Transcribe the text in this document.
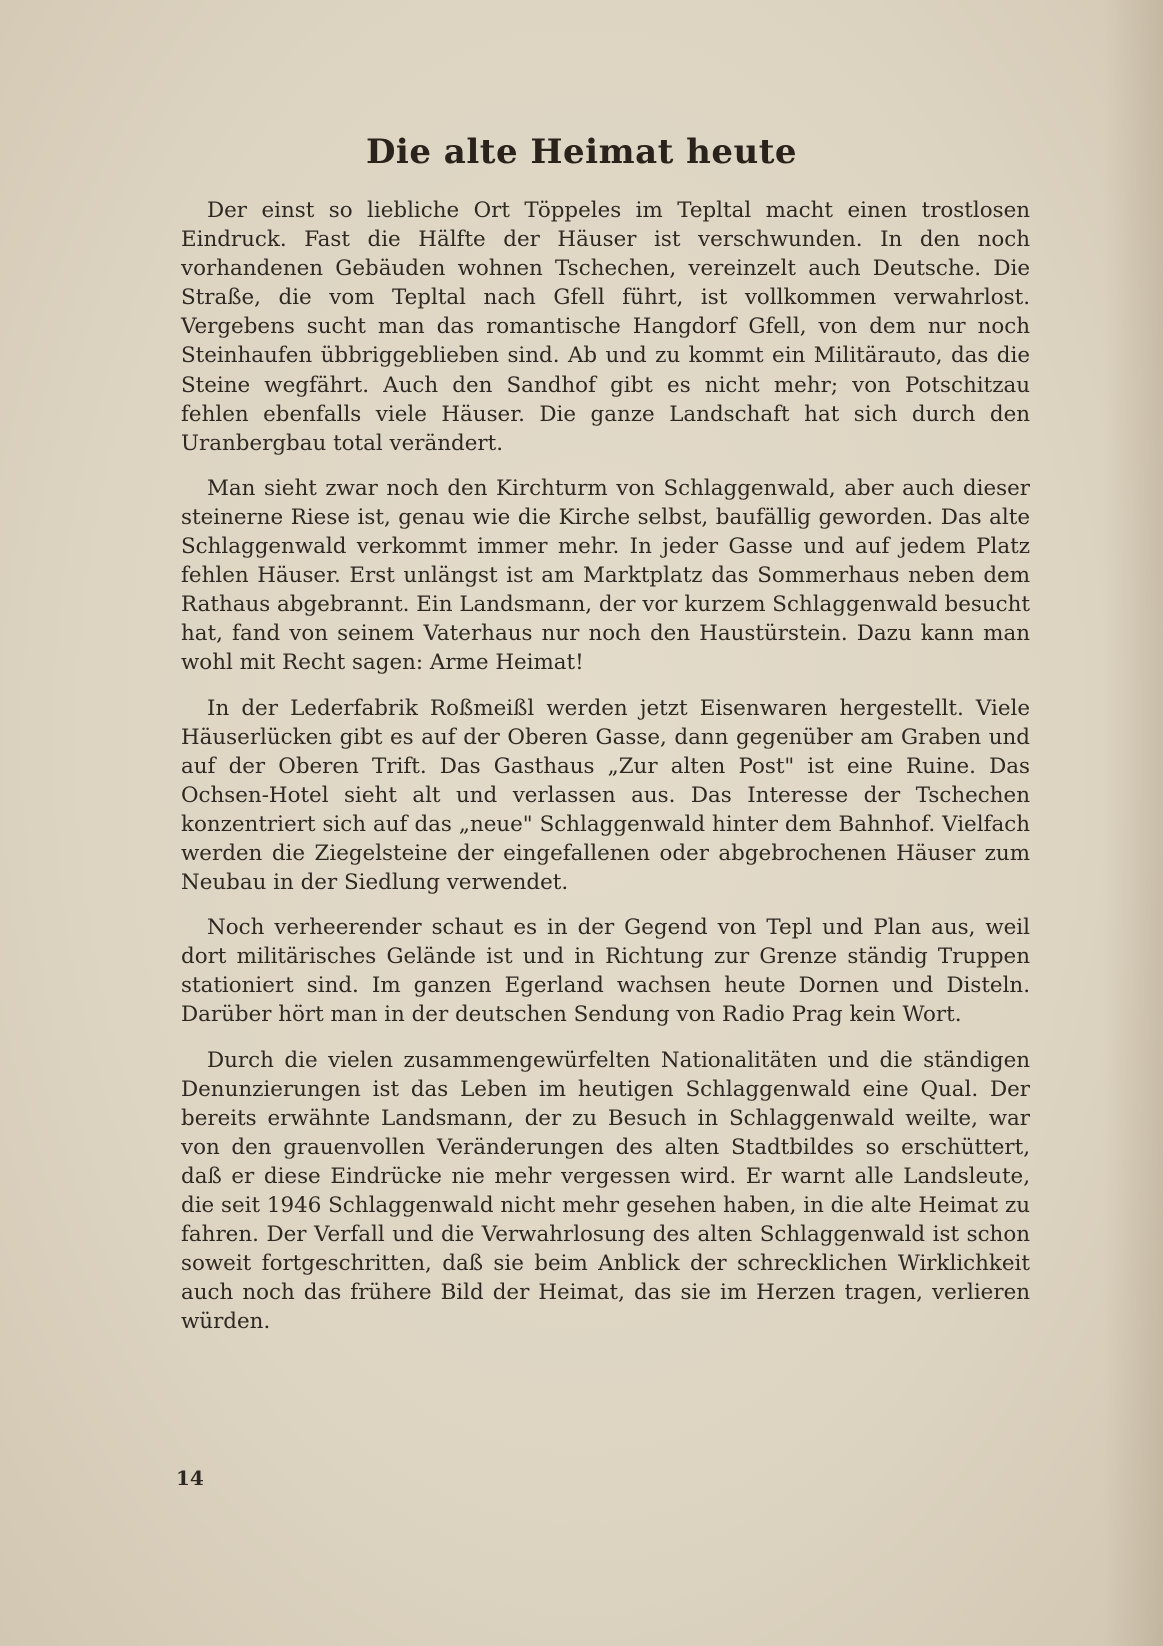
Die alte Heimat heute

Der einst so liebliche Ort Töppeles im Tepltal macht einen trostlosen Eindruck. Fast die Hälfte der Häuser ist verschwunden. In den noch vorhandenen Gebäuden wohnen Tschechen, vereinzelt auch Deutsche. Die Straße, die vom Tepltal nach Gfell führt, ist vollkommen verwahrlost. Vergebens sucht man das romantische Hangdorf Gfell, von dem nur noch Steinhaufen übbriggeblieben sind. Ab und zu kommt ein Militärauto, das die Steine wegfährt. Auch den Sandhof gibt es nicht mehr; von Potschitzau fehlen ebenfalls viele Häuser. Die ganze Landschaft hat sich durch den Uranbergbau total verändert.

Man sieht zwar noch den Kirchturm von Schlaggenwald, aber auch dieser steinerne Riese ist, genau wie die Kirche selbst, baufällig geworden. Das alte Schlaggenwald verkommt immer mehr. In jeder Gasse und auf jedem Platz fehlen Häuser. Erst unlängst ist am Marktplatz das Sommerhaus neben dem Rathaus abgebrannt. Ein Landsmann, der vor kurzem Schlaggenwald besucht hat, fand von seinem Vaterhaus nur noch den Haustürstein. Dazu kann man wohl mit Recht sagen: Arme Heimat!

In der Lederfabrik Roßmeißl werden jetzt Eisenwaren hergestellt. Viele Häuserlücken gibt es auf der Oberen Gasse, dann gegenüber am Graben und auf der Oberen Trift. Das Gasthaus „Zur alten Post" ist eine Ruine. Das Ochsen-Hotel sieht alt und verlassen aus. Das Interesse der Tschechen konzentriert sich auf das „neue" Schlaggenwald hinter dem Bahnhof. Vielfach werden die Ziegelsteine der eingefallenen oder abgebrochenen Häuser zum Neubau in der Siedlung verwendet.

Noch verheerender schaut es in der Gegend von Tepl und Plan aus, weil dort militärisches Gelände ist und in Richtung zur Grenze ständig Truppen stationiert sind. Im ganzen Egerland wachsen heute Dornen und Disteln. Darüber hört man in der deutschen Sendung von Radio Prag kein Wort.

Durch die vielen zusammengewürfelten Nationalitäten und die ständigen Denunzierungen ist das Leben im heutigen Schlaggenwald eine Qual. Der bereits erwähnte Landsmann, der zu Besuch in Schlaggenwald weilte, war von den grauenvollen Veränderungen des alten Stadtbildes so erschüttert, daß er diese Eindrücke nie mehr vergessen wird. Er warnt alle Landsleute, die seit 1946 Schlaggenwald nicht mehr gesehen haben, in die alte Heimat zu fahren. Der Verfall und die Verwahrlosung des alten Schlaggenwald ist schon soweit fortgeschritten, daß sie beim Anblick der schrecklichen Wirklichkeit auch noch das frühere Bild der Heimat, das sie im Herzen tragen, verlieren würden.

14
